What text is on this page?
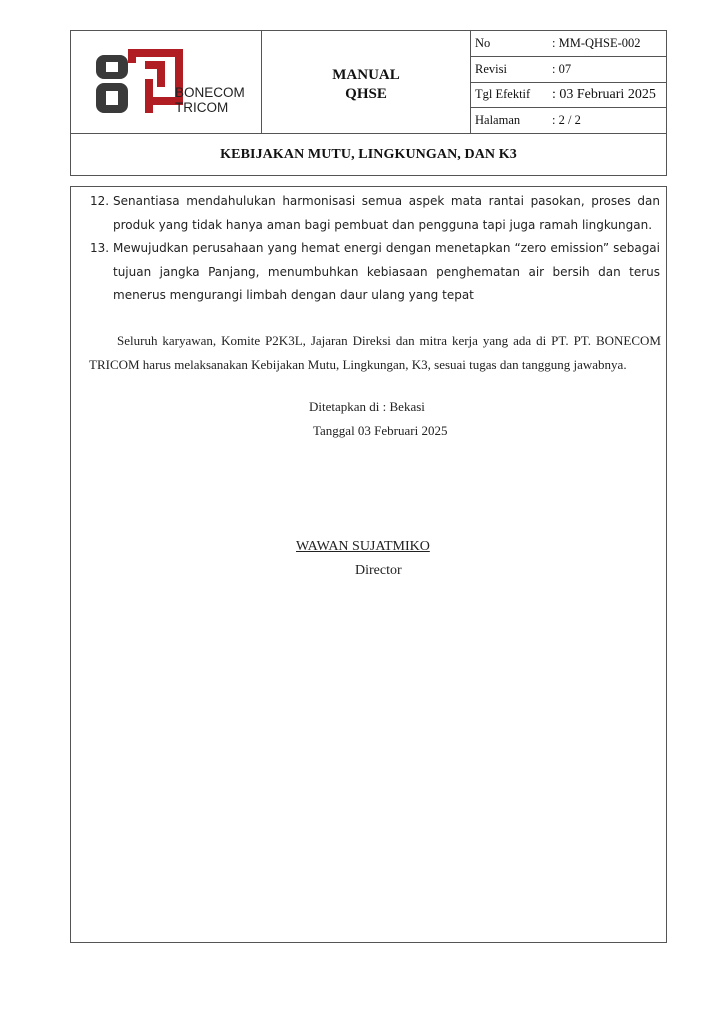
BONECOM
TRICOM
MANUAL
QHSE
No	: MM-QHSE-002
Revisi	: 07
Tgl Efektif	: 03 Februari 2025
Halaman	: 2 / 2
KEBIJAKAN MUTU, LINGKUNGAN, DAN K3
12. Senantiasa mendahulukan harmonisasi semua aspek mata rantai pasokan, proses dan produk yang tidak hanya aman bagi pembuat dan pengguna tapi juga ramah lingkungan.
13. Mewujudkan perusahaan yang hemat energi dengan menetapkan “zero emission” sebagai tujuan jangka Panjang, menumbuhkan kebiasaan penghematan air bersih dan terus menerus mengurangi limbah dengan daur ulang yang tepat

Seluruh karyawan, Komite P2K3L, Jajaran Direksi dan mitra kerja yang ada di PT. PT. BONECOM TRICOM harus melaksanakan Kebijakan Mutu, Lingkungan, K3, sesuai tugas dan tanggung jawabnya.

Ditetapkan di : Bekasi
Tanggal 03 Februari 2025
WAWAN SUJATMIKO
Director
